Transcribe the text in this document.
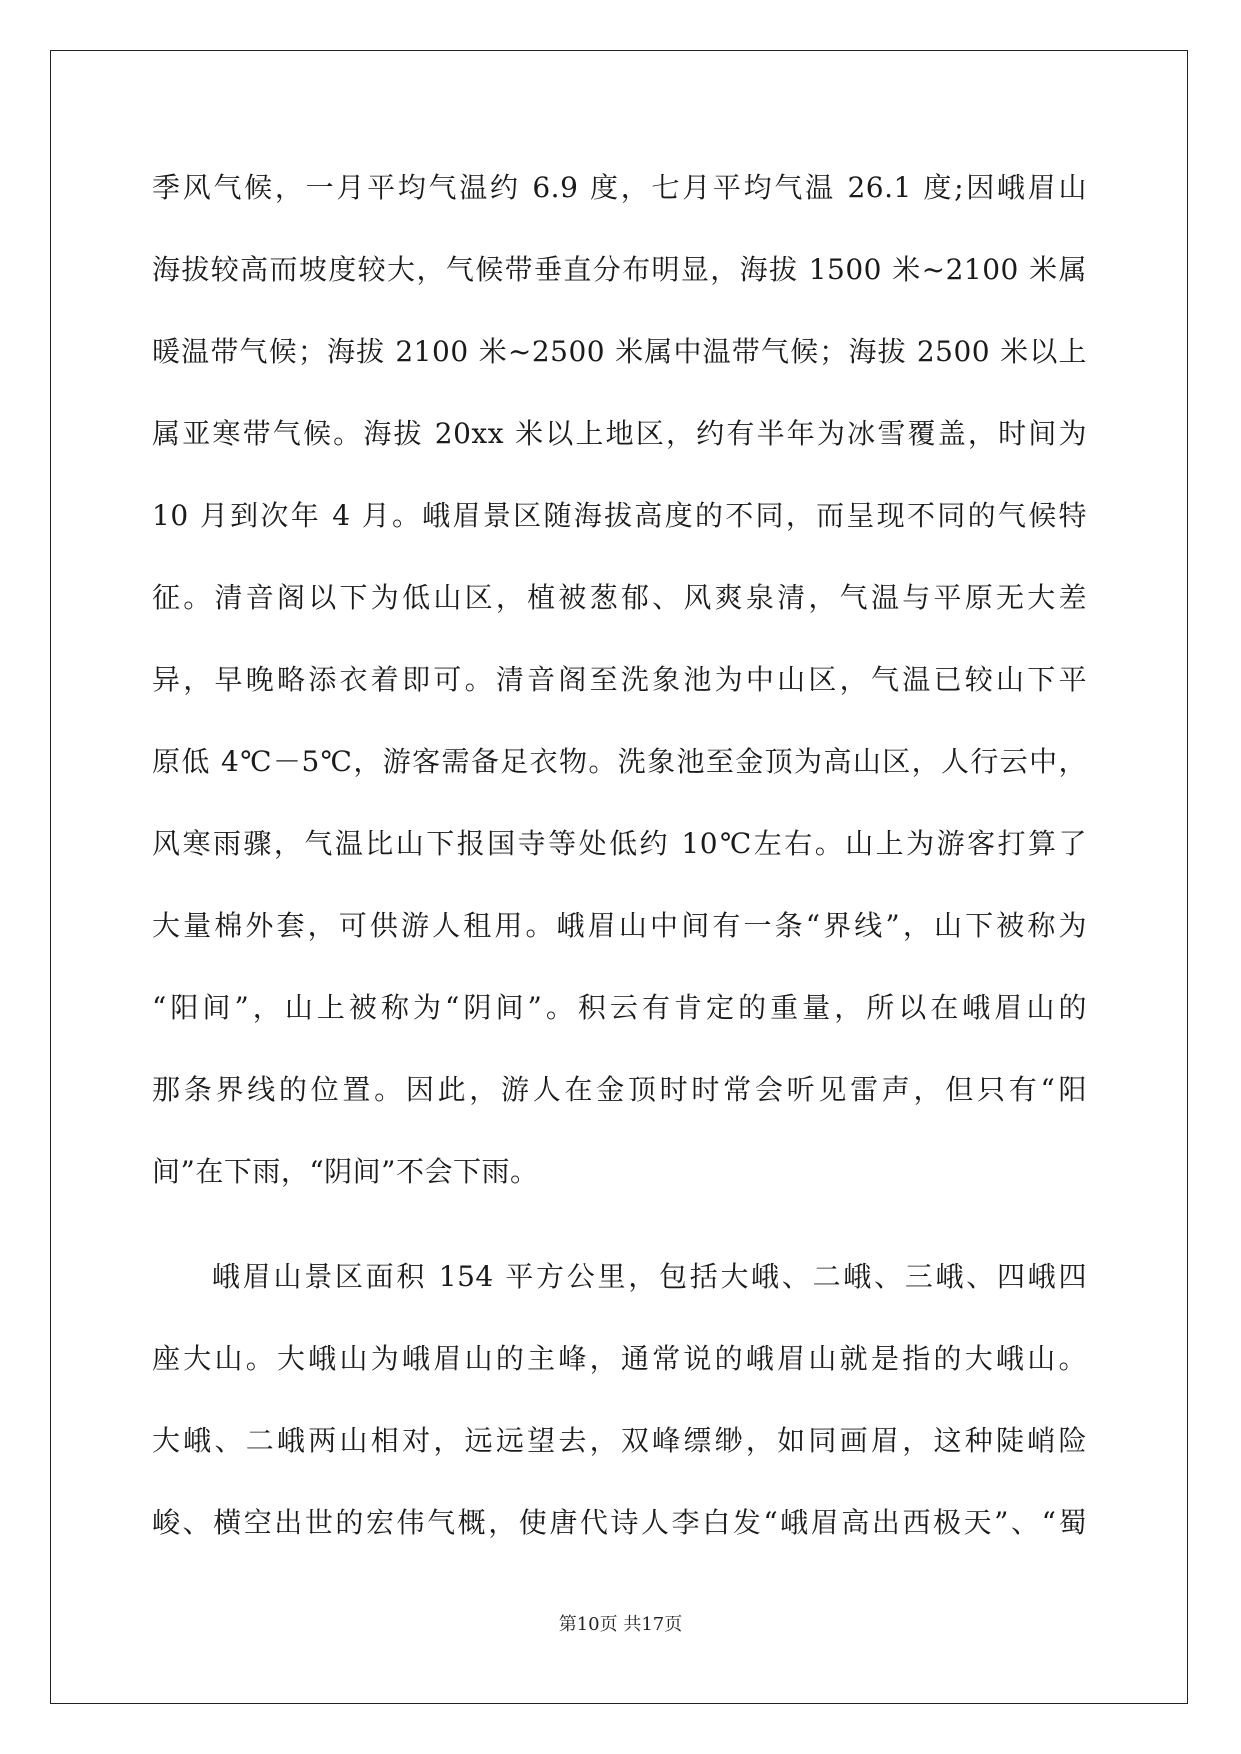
季风气候，一月平均气温约 6.9 度，七月平均气温 26.1 度;因峨眉山
海拔较高而坡度较大，气候带垂直分布明显，海拔 1500 米~2100 米属
暖温带气候；海拔 2100 米~2500 米属中温带气候；海拔 2500 米以上
属亚寒带气候。海拔 20xx 米以上地区，约有半年为冰雪覆盖，时间为
10 月到次年 4 月。峨眉景区随海拔高度的不同，而呈现不同的气候特
征。清音阁以下为低山区，植被葱郁、风爽泉清，气温与平原无大差
异，早晚略添衣着即可。清音阁至洗象池为中山区，气温已较山下平
原低 4℃－5℃，游客需备足衣物。洗象池至金顶为高山区，人行云中，
风寒雨骤，气温比山下报国寺等处低约 10℃左右。山上为游客打算了
大量棉外套，可供游人租用。峨眉山中间有一条“界线”，山下被称为
“阳间”，山上被称为“阴间”。积云有肯定的重量，所以在峨眉山的
那条界线的位置。因此，游人在金顶时时常会听见雷声，但只有“阳
间”在下雨，“阴间”不会下雨。
峨眉山景区面积 154 平方公里，包括大峨、二峨、三峨、四峨四
座大山。大峨山为峨眉山的主峰，通常说的峨眉山就是指的大峨山。
大峨、二峨两山相对，远远望去，双峰缥缈，如同画眉，这种陡峭险
峻、横空出世的宏伟气概，使唐代诗人李白发“峨眉高出西极天”、“蜀
第10页 共17页
